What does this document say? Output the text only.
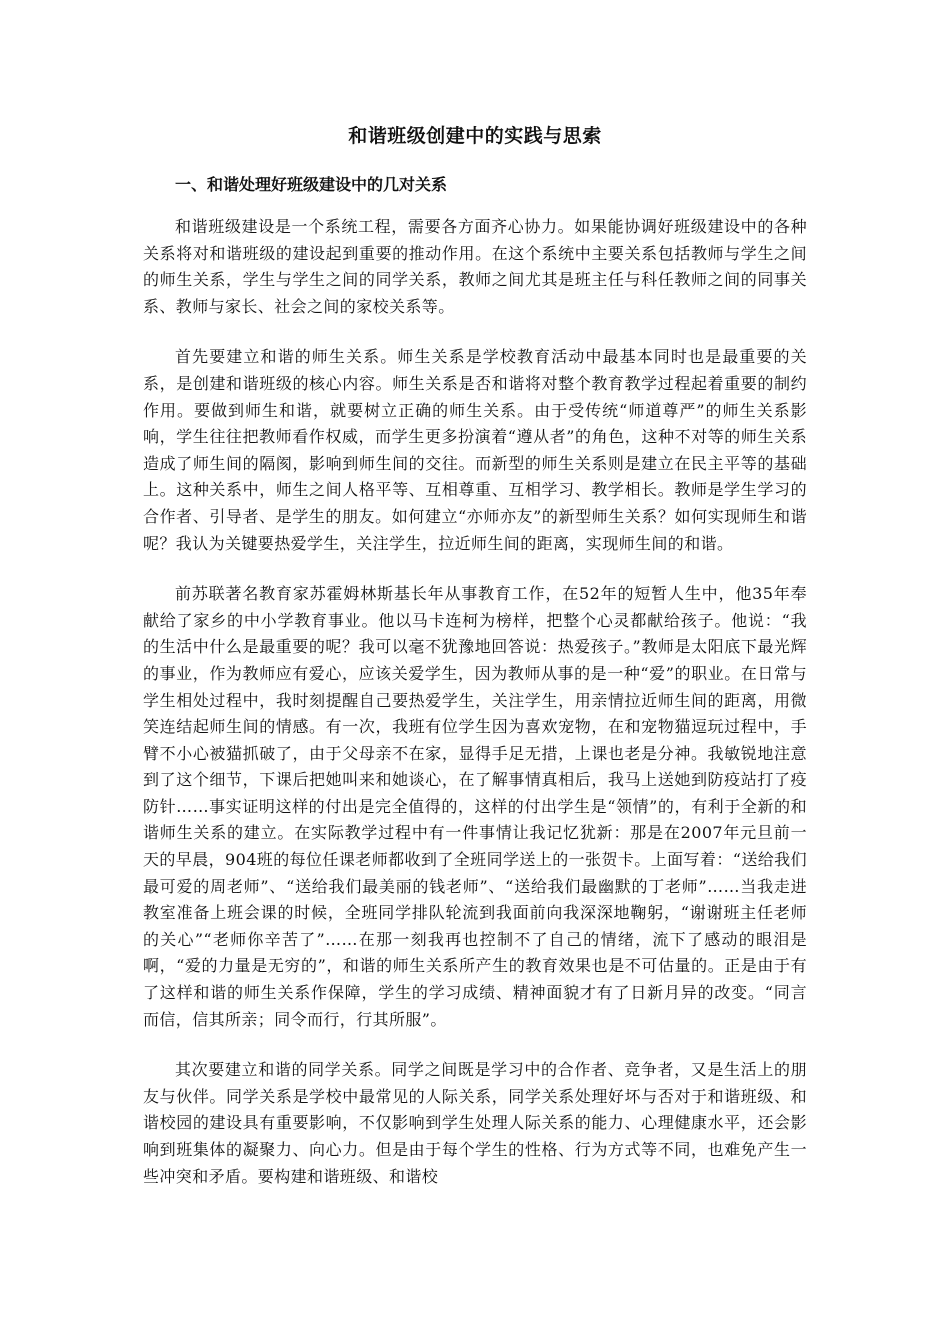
和谐班级创建中的实践与思索
一、和谐处理好班级建设中的几对关系

和谐班级建设是一个系统工程，需要各方面齐心协力。如果能协调好班级建设中的各种关系将对和谐班级的建设起到重要的推动作用。在这个系统中主要关系包括教师与学生之间的师生关系，学生与学生之间的同学关系，教师之间尤其是班主任与科任教师之间的同事关系、教师与家长、社会之间的家校关系等。

首先要建立和谐的师生关系。师生关系是学校教育活动中最基本同时也是最重要的关系，是创建和谐班级的核心内容。师生关系是否和谐将对整个教育教学过程起着重要的制约作用。要做到师生和谐，就要树立正确的师生关系。由于受传统“师道尊严”的师生关系影响，学生往往把教师看作权威，而学生更多扮演着“遵从者”的角色，这种不对等的师生关系造成了师生间的隔阂，影响到师生间的交往。而新型的师生关系则是建立在民主平等的基础上。这种关系中，师生之间人格平等、互相尊重、互相学习、教学相长。教师是学生学习的合作者、引导者、是学生的朋友。如何建立“亦师亦友”的新型师生关系？如何实现师生和谐呢？我认为关键要热爱学生，关注学生，拉近师生间的距离，实现师生间的和谐。

前苏联著名教育家苏霍姆林斯基长年从事教育工作，在52年的短暂人生中，他35年奉献给了家乡的中小学教育事业。他以马卡连柯为榜样，把整个心灵都献给孩子。他说：“我的生活中什么是最重要的呢？我可以毫不犹豫地回答说：热爱孩子。”教师是太阳底下最光辉的事业，作为教师应有爱心，应该关爱学生，因为教师从事的是一种“爱”的职业。在日常与学生相处过程中，我时刻提醒自己要热爱学生，关注学生，用亲情拉近师生间的距离，用微笑连结起师生间的情感。有一次，我班有位学生因为喜欢宠物，在和宠物猫逗玩过程中，手臂不小心被猫抓破了，由于父母亲不在家，显得手足无措，上课也老是分神。我敏锐地注意到了这个细节，下课后把她叫来和她谈心，在了解事情真相后，我马上送她到防疫站打了疫防针……事实证明这样的付出是完全值得的，这样的付出学生是“领情”的，有利于全新的和谐师生关系的建立。在实际教学过程中有一件事情让我记忆犹新：那是在2007年元旦前一天的早晨，904班的每位任课老师都收到了全班同学送上的一张贺卡。上面写着：“送给我们最可爱的周老师”、“送给我们最美丽的钱老师”、“送给我们最幽默的丁老师”……当我走进教室准备上班会课的时候，全班同学排队轮流到我面前向我深深地鞠躬，“谢谢班主任老师的关心”“老师你辛苦了”……在那一刻我再也控制不了自己的情绪，流下了感动的眼泪是啊，“爱的力量是无穷的”，和谐的师生关系所产生的教育效果也是不可估量的。正是由于有了这样和谐的师生关系作保障，学生的学习成绩、精神面貌才有了日新月异的改变。“同言而信，信其所亲；同令而行，行其所服”。

其次要建立和谐的同学关系。同学之间既是学习中的合作者、竞争者，又是生活上的朋友与伙伴。同学关系是学校中最常见的人际关系，同学关系处理好坏与否对于和谐班级、和谐校园的建设具有重要影响，不仅影响到学生处理人际关系的能力、心理健康水平，还会影响到班集体的凝聚力、向心力。但是由于每个学生的性格、行为方式等不同，也难免产生一些冲突和矛盾。要构建和谐班级、和谐校
